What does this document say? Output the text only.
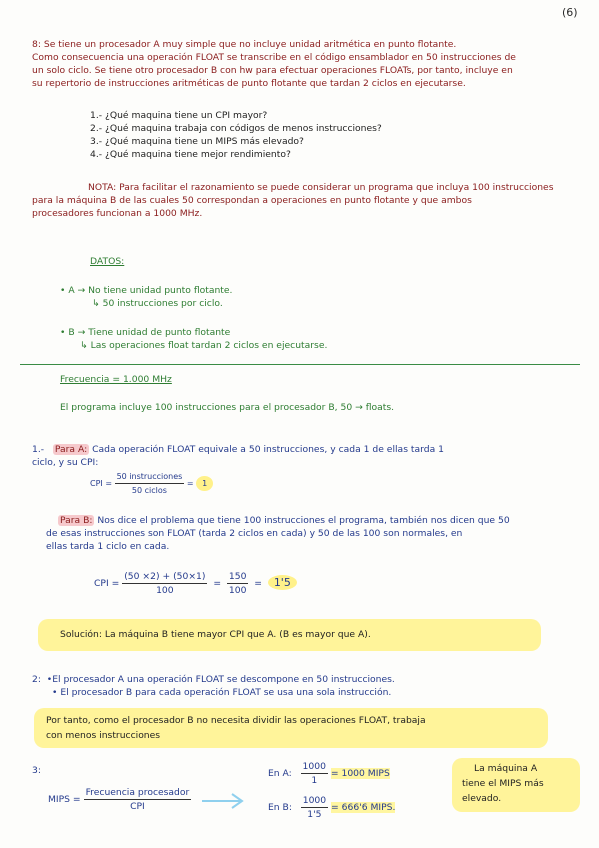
(6)
8: Se tiene un procesador A muy simple que no incluye unidad aritmética en punto flotante.
Como consecuencia una operación FLOAT se transcribe en el código ensamblador en 50 instrucciones de
un solo ciclo. Se tiene otro procesador B con hw para efectuar operaciones FLOATs, por tanto, incluye en
su repertorio de instrucciones aritméticas de punto flotante que tardan 2 ciclos en ejecutarse.
1.- ¿Qué maquina tiene un CPI mayor?
2.- ¿Qué maquina trabaja con códigos de menos instrucciones?
3.- ¿Qué maquina tiene un MIPS más elevado?
4.- ¿Qué maquina tiene mejor rendimiento?
NOTA: Para facilitar el razonamiento se puede considerar un programa que incluya 100 instrucciones
para la máquina B de las cuales 50 correspondan a operaciones en punto flotante y que ambos
procesadores funcionan a 1000 MHz.
DATOS:
• A → No tiene unidad punto flotante.
↳ 50 instrucciones por ciclo.
• B → Tiene unidad de punto flotante
↳ Las operaciones float tardan 2 ciclos en ejecutarse.
Frecuencia = 1.000 MHz
El programa incluye 100 instrucciones para el procesador B, 50 → floats.
1.- Para A: Cada operación FLOAT equivale a 50 instrucciones, y cada 1 de ellas tarda 1
ciclo, y su CPI:
CPI = $\frac{\text{50 instrucciones}}{\text{50 ciclos}} = 1$
Para B: Nos dice el problema que tiene 100 instrucciones el programa, también nos dicen que 50
de esas instrucciones son FLOAT (tarda 2 ciclos en cada) y 50 de las 100 son normales, en
ellas tarda 1 ciclo en cada.
CPI = $\frac{(50 \times 2) + (50\times 1)}{100} = \frac{150}{100} = 1'5$
Solución: La máquina B tiene mayor CPI que A. (B es mayor que A).
2: •El procesador A una operación FLOAT se descompone en 50 instrucciones.
• El procesador B para cada operación FLOAT se usa una sola instrucción.
Por tanto, como el procesador B no necesita dividir las operaciones FLOAT, trabaja
con menos instrucciones
3:
MIPS = $\frac{\text{Frecuencia procesador}}{\text{CPI}}$
En A: $\frac{1000}{1} = 1000$ MIPS
En B: $\frac{1000}{1'5} = 666'6$ MIPS.
La máquina A
tiene el MIPS más
elevado.
